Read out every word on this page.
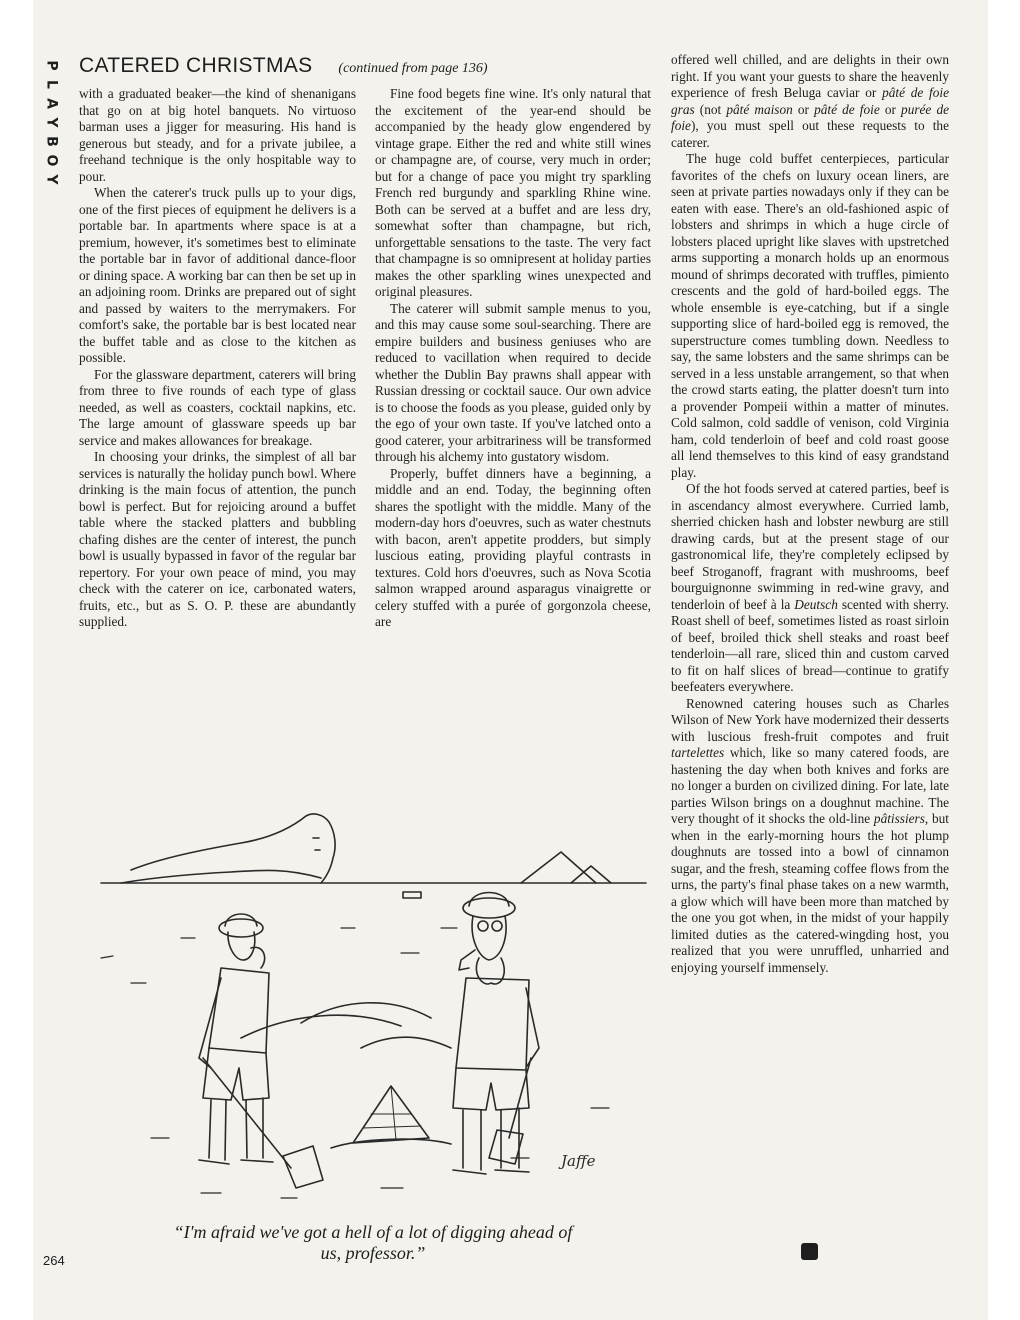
P
L
A
Y
B
O
Y
CATERED CHRISTMAS (continued from page 136)

with a graduated beaker—the kind of shenanigans that go on at big hotel banquets. No virtuoso barman uses a jigger for measuring. His hand is generous but steady, and for a private jubilee, a freehand technique is the only hospitable way to pour.

When the caterer's truck pulls up to your digs, one of the first pieces of equipment he delivers is a portable bar. In apartments where space is at a premium, however, it's sometimes best to eliminate the portable bar in favor of additional dance-floor or dining space. A working bar can then be set up in an adjoining room. Drinks are prepared out of sight and passed by waiters to the merrymakers. For comfort's sake, the portable bar is best located near the buffet table and as close to the kitchen as possible.

For the glassware department, caterers will bring from three to five rounds of each type of glass needed, as well as coasters, cocktail napkins, etc. The large amount of glassware speeds up bar service and makes allowances for breakage.

In choosing your drinks, the simplest of all bar services is naturally the holiday punch bowl. Where drinking is the main focus of attention, the punch bowl is perfect. But for rejoicing around a buffet table where the stacked platters and bubbling chafing dishes are the center of interest, the punch bowl is usually bypassed in favor of the regular bar repertory. For your own peace of mind, you may check with the caterer on ice, carbonated waters, fruits, etc., but as S. O. P. these are abundantly supplied.

Fine food begets fine wine. It's only natural that the excitement of the year-end should be accompanied by the heady glow engendered by vintage grape. Either the red and white still wines or champagne are, of course, very much in order; but for a change of pace you might try sparkling French red burgundy and sparkling Rhine wine. Both can be served at a buffet and are less dry, somewhat softer than champagne, but rich, unforgettable sensations to the taste. The very fact that champagne is so omnipresent at holiday parties makes the other sparkling wines unexpected and original pleasures.

The caterer will submit sample menus to you, and this may cause some soul-searching. There are empire builders and business geniuses who are reduced to vacillation when required to decide whether the Dublin Bay prawns shall appear with Russian dressing or cocktail sauce. Our own advice is to choose the foods as you please, guided only by the ego of your own taste. If you've latched onto a good caterer, your arbitrariness will be transformed through his alchemy into gustatory wisdom.

Properly, buffet dinners have a beginning, a middle and an end. Today, the beginning often shares the spotlight with the middle. Many of the modern-day hors d'oeuvres, such as water chestnuts with bacon, aren't appetite prodders, but simply luscious eating, providing playful contrasts in textures. Cold hors d'oeuvres, such as Nova Scotia salmon wrapped around asparagus vinaigrette or celery stuffed with a purée of gorgonzola cheese, are

offered well chilled, and are delights in their own right. If you want your guests to share the heavenly experience of fresh Beluga caviar or pâté de foie gras (not pâté maison or pâté de foie or purée de foie), you must spell out these requests to the caterer.

The huge cold buffet centerpieces, particular favorites of the chefs on luxury ocean liners, are seen at private parties nowadays only if they can be eaten with ease. There's an old-fashioned aspic of lobsters and shrimps in which a huge circle of lobsters placed upright like slaves with upstretched arms supporting a monarch holds up an enormous mound of shrimps decorated with truffles, pimiento crescents and the gold of hard-boiled eggs. The whole ensemble is eye-catching, but if a single supporting slice of hard-boiled egg is removed, the superstructure comes tumbling down. Needless to say, the same lobsters and the same shrimps can be served in a less unstable arrangement, so that when the crowd starts eating, the platter doesn't turn into a provender Pompeii within a matter of minutes. Cold salmon, cold saddle of venison, cold Virginia ham, cold tenderloin of beef and cold roast goose all lend themselves to this kind of easy grandstand play.

Of the hot foods served at catered parties, beef is in ascendancy almost everywhere. Curried lamb, sherried chicken hash and lobster newburg are still drawing cards, but at the present stage of our gastronomical life, they're completely eclipsed by beef Stroganoff, fragrant with mushrooms, beef bourguignonne swimming in red-wine gravy, and tenderloin of beef à la Deutsch scented with sherry. Roast shell of beef, sometimes listed as roast sirloin of beef, broiled thick shell steaks and roast beef tenderloin—all rare, sliced thin and custom carved to fit on half slices of bread—continue to gratify beefeaters everywhere.

Renowned catering houses such as Charles Wilson of New York have modernized their desserts with luscious fresh-fruit compotes and fruit tartelettes which, like so many catered foods, are hastening the day when both knives and forks are no longer a burden on civilized dining. For late, late parties Wilson brings on a doughnut machine. The very thought of it shocks the old-line pâtissiers, but when in the early-morning hours the hot plump doughnuts are tossed into a bowl of cinnamon sugar, and the fresh, steaming coffee flows from the urns, the party's final phase takes on a new warmth, a glow which will have been more than matched by the one you got when, in the midst of your happily limited duties as the catered-wingding host, you realized that you were unruffled, unharried and enjoying yourself immensely.

Jaffe
“I'm afraid we've got a hell of a lot of digging ahead of us, professor.”
264
